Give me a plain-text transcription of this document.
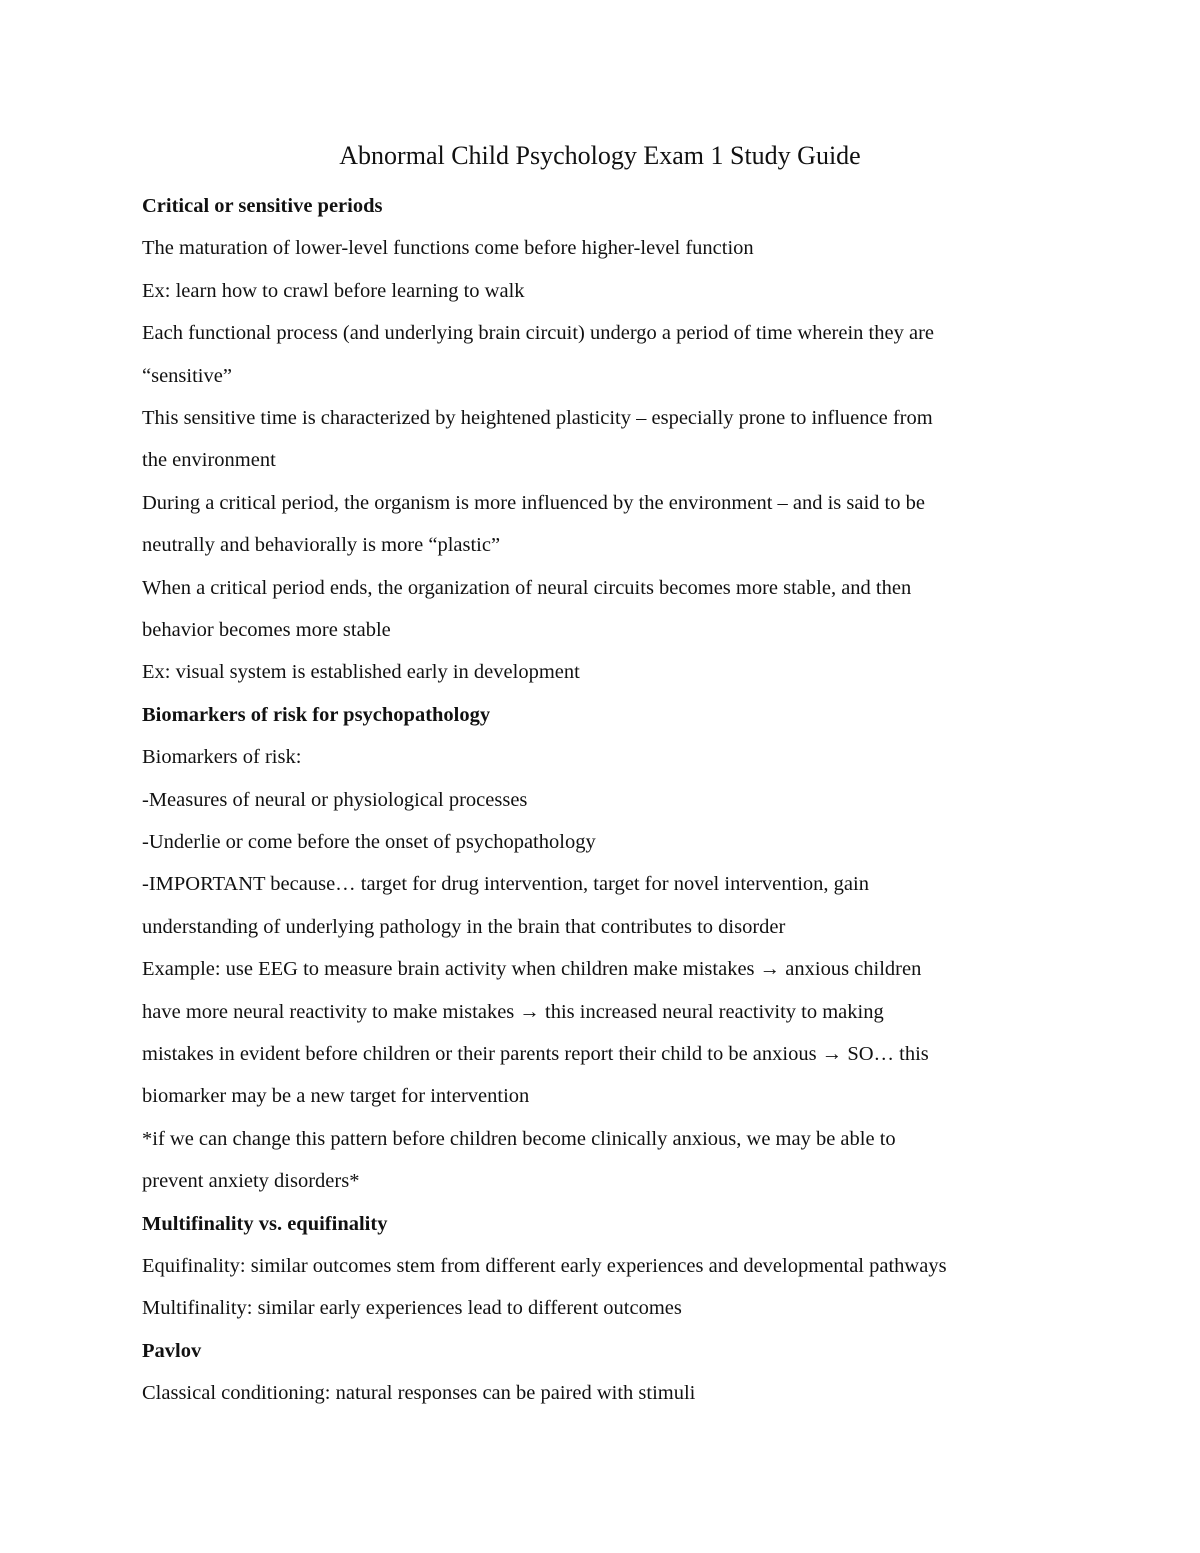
Abnormal Child Psychology Exam 1 Study Guide
Critical or sensitive periods
The maturation of lower-level functions come before higher-level function
Ex: learn how to crawl before learning to walk
Each functional process (and underlying brain circuit) undergo a period of time wherein they are
“sensitive”
This sensitive time is characterized by heightened plasticity – especially prone to influence from
the environment
During a critical period, the organism is more influenced by the environment – and is said to be
neutrally and behaviorally is more “plastic”
When a critical period ends, the organization of neural circuits becomes more stable, and then
behavior becomes more stable
Ex: visual system is established early in development
Biomarkers of risk for psychopathology
Biomarkers of risk:
-Measures of neural or physiological processes
-Underlie or come before the onset of psychopathology
-IMPORTANT because… target for drug intervention, target for novel intervention, gain
understanding of underlying pathology in the brain that contributes to disorder
Example: use EEG to measure brain activity when children make mistakes → anxious children
have more neural reactivity to make mistakes → this increased neural reactivity to making
mistakes in evident before children or their parents report their child to be anxious → SO… this
biomarker may be a new target for intervention
*if we can change this pattern before children become clinically anxious, we may be able to
prevent anxiety disorders*
Multifinality vs. equifinality
Equifinality: similar outcomes stem from different early experiences and developmental pathways
Multifinality: similar early experiences lead to different outcomes
Pavlov
Classical conditioning: natural responses can be paired with stimuli
